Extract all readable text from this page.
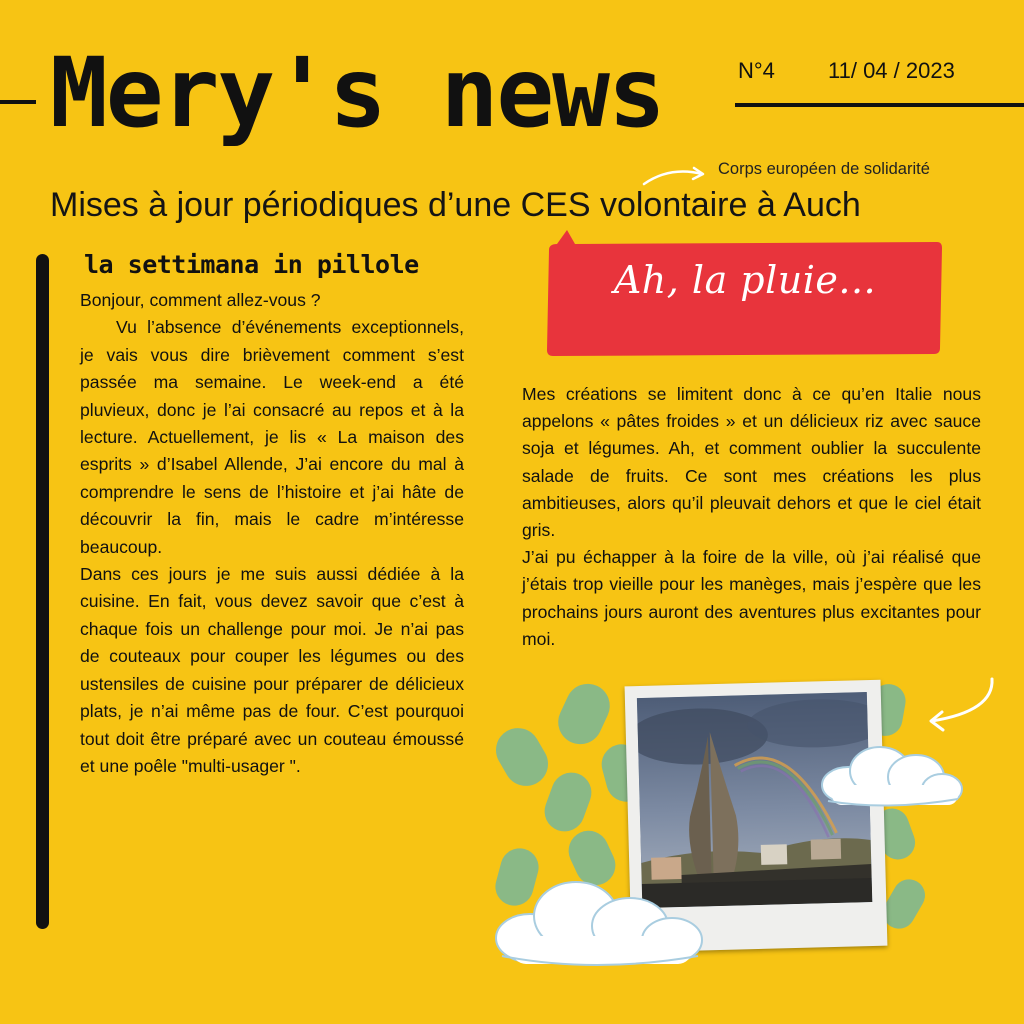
Mery's news	N°4 11/ 04 / 2023
Corps européen de solidarité
Mises à jour périodiques d’une CES volontaire à Auch
la settimana in pillole

Bonjour, comment allez-vous ?

Vu l’absence d’événements exceptionnels, je vais vous dire brièvement comment s’est passée ma semaine. Le week-end a été pluvieux, donc je l’ai consacré au repos et à la lecture. Actuellement, je lis « La maison des esprits » d’Isabel Allende, J’ai encore du mal à comprendre le sens de l’histoire et j’ai hâte de découvrir la fin, mais le cadre m’intéresse beaucoup.

Dans ces jours je me suis aussi dédiée à la cuisine. En fait, vous devez savoir que c’est à chaque fois un challenge pour moi. Je n’ai pas de couteaux pour couper les légumes ou des ustensiles de cuisine pour préparer de délicieux plats, je n’ai même pas de four. C’est pourquoi tout doit être préparé avec un couteau émoussé et une poêle "multi-usager ".

Ah, la pluie...

Mes créations se limitent donc à ce qu’en Italie nous appelons « pâtes froides » et un délicieux riz avec sauce soja et légumes. Ah, et comment oublier la succulente salade de fruits. Ce sont mes créations les plus ambitieuses, alors qu’il pleuvait dehors et que le ciel était gris.

J’ai pu échapper à la foire de la ville, où j’ai réalisé que j’étais trop vieille pour les manèges, mais j’espère que les prochains jours auront des aventures plus excitantes pour moi.
